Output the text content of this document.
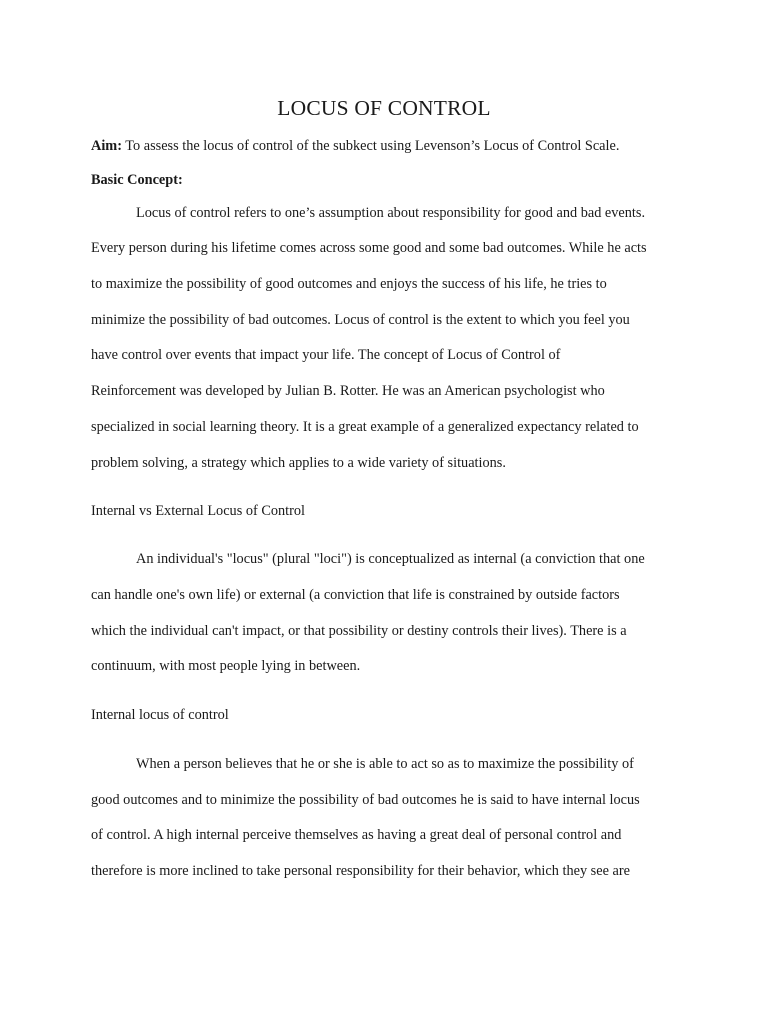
LOCUS OF CONTROL
Aim: To assess the locus of control of the subkect using Levenson’s Locus of Control Scale.
Basic Concept:
Locus of control refers to one’s assumption about responsibility for good and bad events.
Every person during his lifetime comes across some good and some bad outcomes. While he acts
to maximize the possibility of good outcomes and enjoys the success of his life, he tries to
minimize the possibility of bad outcomes. Locus of control is the extent to which you feel you
have control over events that impact your life. The concept of Locus of Control of
Reinforcement was developed by Julian B. Rotter. He was an American psychologist who
specialized in social learning theory. It is a great example of a generalized expectancy related to
problem solving, a strategy which applies to a wide variety of situations.
Internal vs External Locus of Control
An individual's "locus" (plural "loci") is conceptualized as internal (a conviction that one
can handle one's own life) or external (a conviction that life is constrained by outside factors
which the individual can't impact, or that possibility or destiny controls their lives). There is a
continuum, with most people lying in between.
Internal locus of control
When a person believes that he or she is able to act so as to maximize the possibility of
good outcomes and to minimize the possibility of bad outcomes he is said to have internal locus
of control. A high internal perceive themselves as having a great deal of personal control and
therefore is more inclined to take personal responsibility for their behavior, which they see are
